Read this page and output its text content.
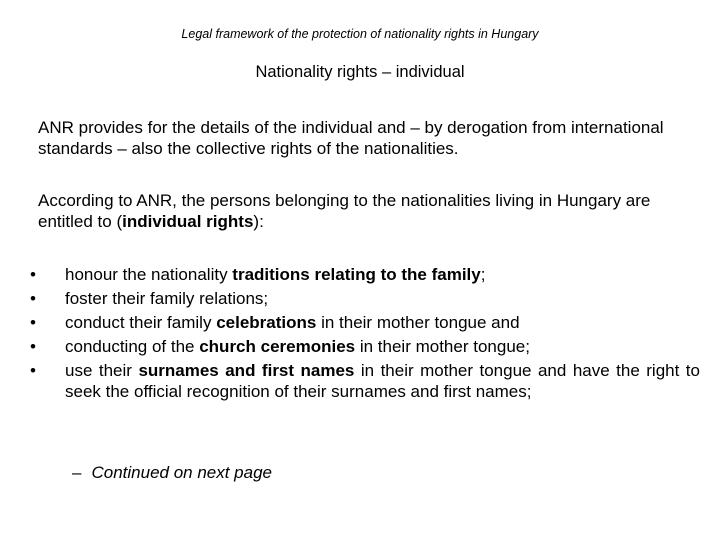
Legal framework of the protection of nationality rights in Hungary
Nationality rights – individual
ANR provides for the details of the individual and – by derogation from international standards – also the collective rights of the nationalities.
According to ANR, the persons belonging to the nationalities living in Hungary are entitled to (individual rights):
•	honour the nationality traditions relating to the family;
•	foster their family relations;
•	conduct their family celebrations in their mother tongue and
•	conducting of the church ceremonies in their mother tongue;
•	use their surnames and first names in their mother tongue and have the right to seek the official recognition of their surnames and first names;
– Continued on next page
